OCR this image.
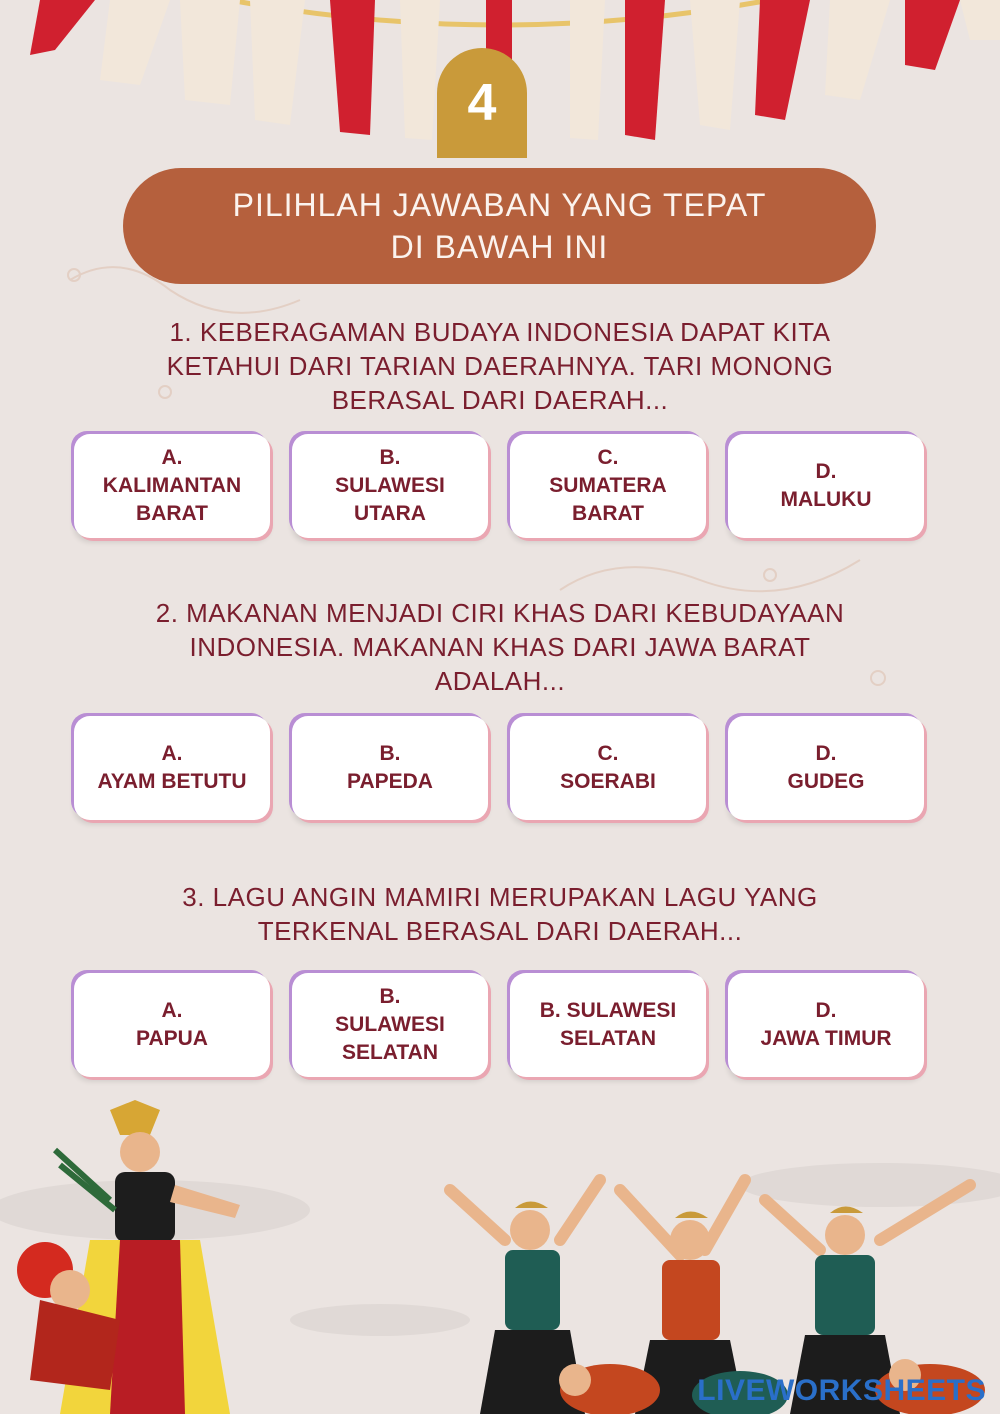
4
PILIHLAH JAWABAN YANG TEPAT
DI BAWAH INI
1. KEBERAGAMAN BUDAYA INDONESIA DAPAT KITA
KETAHUI DARI TARIAN DAERAHNYA. TARI MONONG
BERASAL DARI DAERAH...
A.
KALIMANTAN
BARAT
B.
SULAWESI
UTARA
C.
SUMATERA
BARAT
D.
MALUKU
2. MAKANAN MENJADI CIRI KHAS DARI KEBUDAYAAN
INDONESIA. MAKANAN KHAS DARI JAWA BARAT
ADALAH...
A.
AYAM BETUTU
B.
PAPEDA
C.
SOERABI
D.
GUDEG
3. LAGU ANGIN MAMIRI MERUPAKAN LAGU YANG
TERKENAL BERASAL DARI DAERAH...
A.
PAPUA
B.
SULAWESI
SELATAN
B. SULAWESI
SELATAN
D.
JAWA TIMUR
LIVEWORKSHEETS
